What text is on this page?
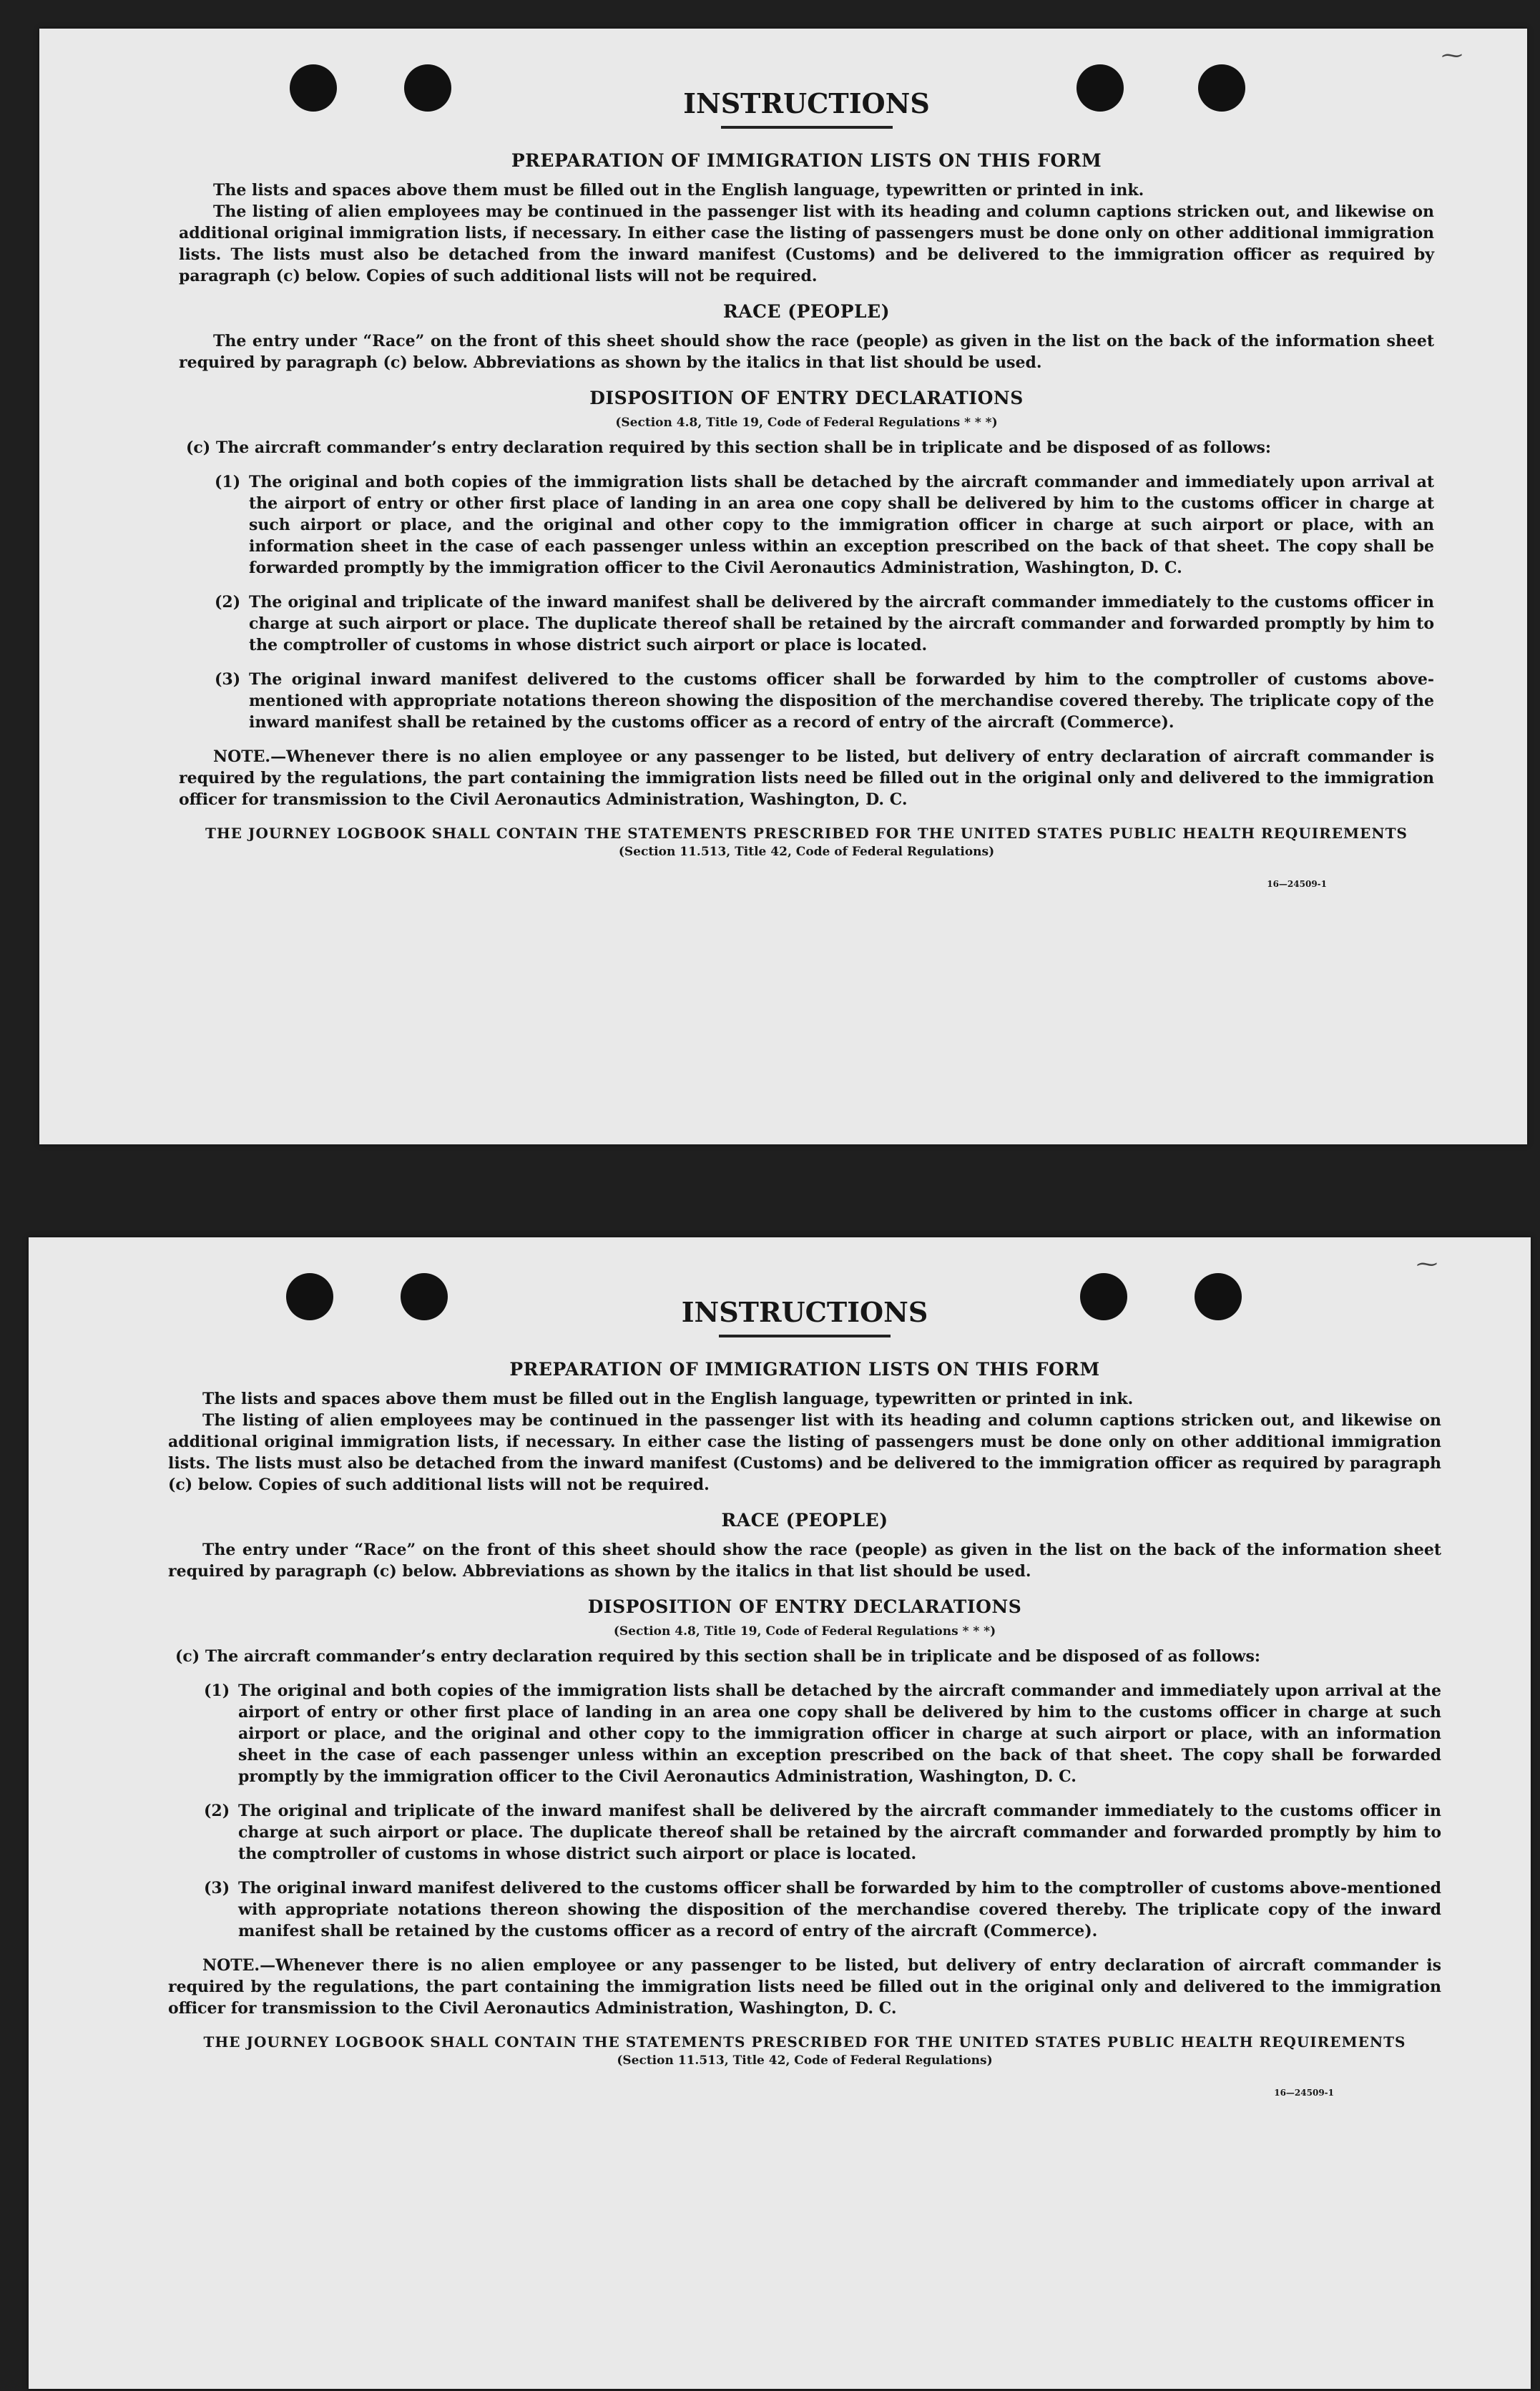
⁓
INSTRUCTIONS
PREPARATION OF IMMIGRATION LISTS ON THIS FORM

The lists and spaces above them must be filled out in the English language, typewritten or printed in ink.

The listing of alien employees may be continued in the passenger list with its heading and column captions stricken out, and likewise on additional original immigration lists, if necessary. In either case the listing of passengers must be done only on other additional immigration lists. The lists must also be detached from the inward manifest (Customs) and be delivered to the immigration officer as required by paragraph (c) below. Copies of such additional lists will not be required.

RACE (PEOPLE)

The entry under “Race” on the front of this sheet should show the race (people) as given in the list on the back of the information sheet required by paragraph (c) below. Abbreviations as shown by the italics in that list should be used.

DISPOSITION OF ENTRY DECLARATIONS
(Section 4.8, Title 19, Code of Federal Regulations * * *)

(c) The aircraft commander’s entry declaration required by this section shall be in triplicate and be disposed of as follows:

(1) The original and both copies of the immigration lists shall be detached by the aircraft commander and immediately upon arrival at the airport of entry or other first place of landing in an area one copy shall be delivered by him to the customs officer in charge at such airport or place, and the original and other copy to the immigration officer in charge at such airport or place, with an information sheet in the case of each passenger unless within an exception prescribed on the back of that sheet. The copy shall be forwarded promptly by the immigration officer to the Civil Aeronautics Administration, Washington, D. C.
(2) The original and triplicate of the inward manifest shall be delivered by the aircraft commander immediately to the customs officer in charge at such airport or place. The duplicate thereof shall be retained by the aircraft commander and forwarded promptly by him to the comptroller of customs in whose district such airport or place is located.
(3) The original inward manifest delivered to the customs officer shall be forwarded by him to the comptroller of customs above-mentioned with appropriate notations thereon showing the disposition of the merchandise covered thereby. The triplicate copy of the inward manifest shall be retained by the customs officer as a record of entry of the aircraft (Commerce).

NOTE.—Whenever there is no alien employee or any passenger to be listed, but delivery of entry declaration of aircraft commander is required by the regulations, the part containing the immigration lists need be filled out in the original only and delivered to the immigration officer for transmission to the Civil Aeronautics Administration, Washington, D. C.

THE JOURNEY LOGBOOK SHALL CONTAIN THE STATEMENTS PRESCRIBED FOR THE UNITED STATES PUBLIC HEALTH REQUIREMENTS
(Section 11.513, Title 42, Code of Federal Regulations)
16—24509-1
⁓
INSTRUCTIONS
PREPARATION OF IMMIGRATION LISTS ON THIS FORM

The lists and spaces above them must be filled out in the English language, typewritten or printed in ink.

The listing of alien employees may be continued in the passenger list with its heading and column captions stricken out, and likewise on additional original immigration lists, if necessary. In either case the listing of passengers must be done only on other additional immigration lists. The lists must also be detached from the inward manifest (Customs) and be delivered to the immigration officer as required by paragraph (c) below. Copies of such additional lists will not be required.

RACE (PEOPLE)

The entry under “Race” on the front of this sheet should show the race (people) as given in the list on the back of the information sheet required by paragraph (c) below. Abbreviations as shown by the italics in that list should be used.

DISPOSITION OF ENTRY DECLARATIONS
(Section 4.8, Title 19, Code of Federal Regulations * * *)

(c) The aircraft commander’s entry declaration required by this section shall be in triplicate and be disposed of as follows:

(1) The original and both copies of the immigration lists shall be detached by the aircraft commander and immediately upon arrival at the airport of entry or other first place of landing in an area one copy shall be delivered by him to the customs officer in charge at such airport or place, and the original and other copy to the immigration officer in charge at such airport or place, with an information sheet in the case of each passenger unless within an exception prescribed on the back of that sheet. The copy shall be forwarded promptly by the immigration officer to the Civil Aeronautics Administration, Washington, D. C.
(2) The original and triplicate of the inward manifest shall be delivered by the aircraft commander immediately to the customs officer in charge at such airport or place. The duplicate thereof shall be retained by the aircraft commander and forwarded promptly by him to the comptroller of customs in whose district such airport or place is located.
(3) The original inward manifest delivered to the customs officer shall be forwarded by him to the comptroller of customs above-mentioned with appropriate notations thereon showing the disposition of the merchandise covered thereby. The triplicate copy of the inward manifest shall be retained by the customs officer as a record of entry of the aircraft (Commerce).

NOTE.—Whenever there is no alien employee or any passenger to be listed, but delivery of entry declaration of aircraft commander is required by the regulations, the part containing the immigration lists need be filled out in the original only and delivered to the immigration officer for transmission to the Civil Aeronautics Administration, Washington, D. C.

THE JOURNEY LOGBOOK SHALL CONTAIN THE STATEMENTS PRESCRIBED FOR THE UNITED STATES PUBLIC HEALTH REQUIREMENTS
(Section 11.513, Title 42, Code of Federal Regulations)
16—24509-1
